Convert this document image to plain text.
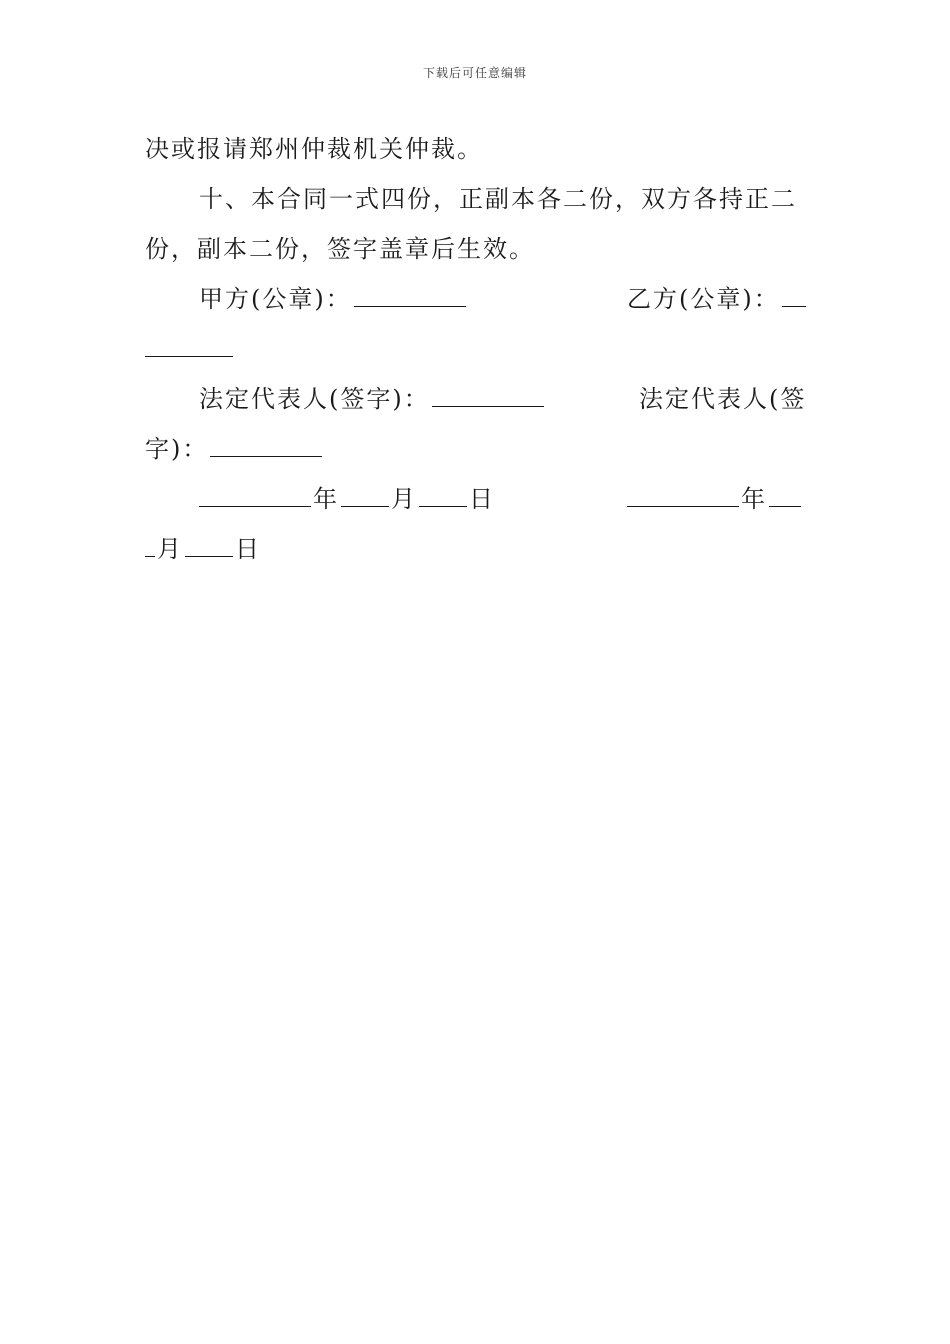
下载后可任意编辑
决或报请郑州仲裁机关仲裁。
十、本合同一式四份，正副本各二份，双方各持正二
份，副本二份，签字盖章后生效。
甲方(公章)：	乙方(公章)：
法定代表人(签字)：	法定代表人(签
字)：
年 月 日	年
月 日
